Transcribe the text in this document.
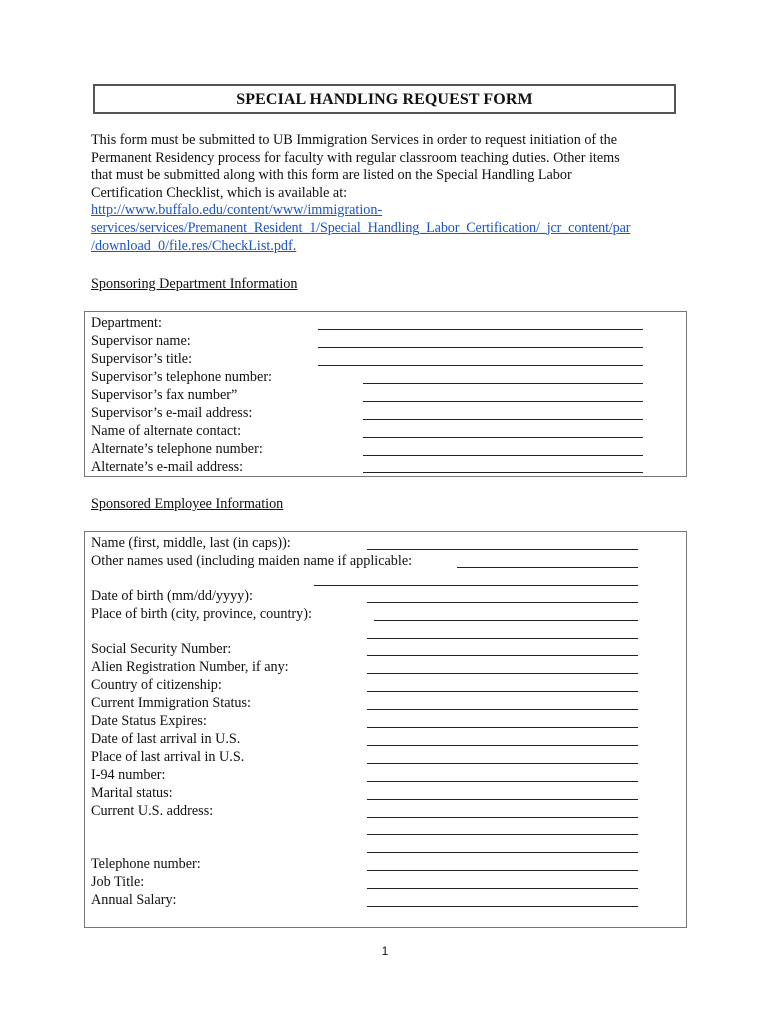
SPECIAL HANDLING REQUEST FORM
This form must be submitted to UB Immigration Services in order to request initiation of the
Permanent Residency process for faculty with regular classroom teaching duties. Other items
that must be submitted along with this form are listed on the Special Handling Labor
Certification Checklist, which is available at:
http://www.buffalo.edu/content/www/immigration-
services/services/Premanent_Resident_1/Special_Handling_Labor_Certification/_jcr_content/par
/download_0/file.res/CheckList.pdf.
Sponsoring Department Information
Department:
Supervisor name:
Supervisor’s title:
Supervisor’s telephone number:
Supervisor’s fax number”
Supervisor’s e-mail address:
Name of alternate contact:
Alternate’s telephone number:
Alternate’s e-mail address:
Sponsored Employee Information
Name (first, middle, last (in caps)):
Other names used (including maiden name if applicable:
Date of birth (mm/dd/yyyy):
Place of birth (city, province, country):
Social Security Number:
Alien Registration Number, if any:
Country of citizenship:
Current Immigration Status:
Date Status Expires:
Date of last arrival in U.S.
Place of last arrival in U.S.
I-94 number:
Marital status:
Current U.S. address:
Telephone number:
Job Title:
Annual Salary:
1
